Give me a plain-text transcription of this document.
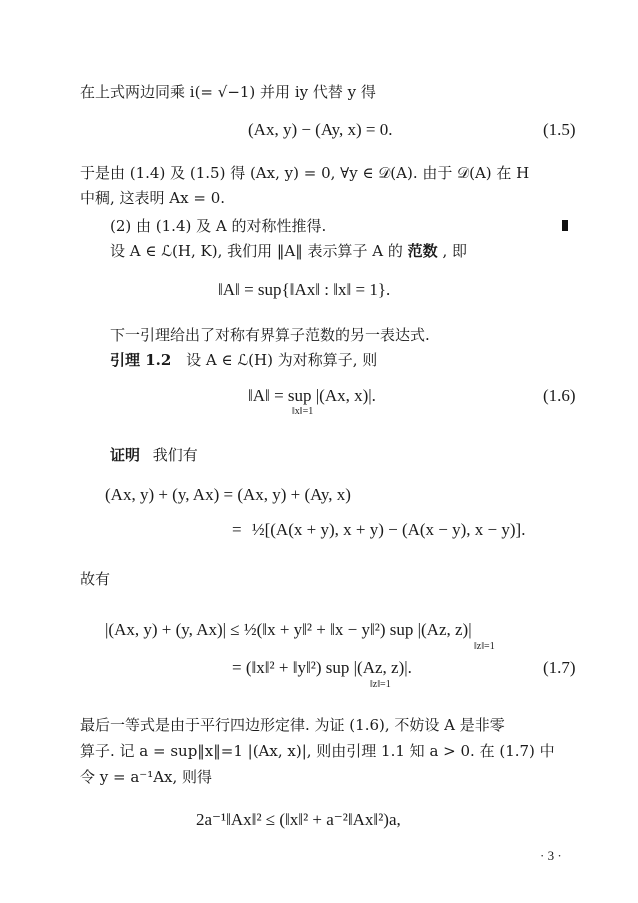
在上式两边同乘 i(= √−1) 并用 iy 代替 y 得
(Ax, y) − (Ay, x) = 0.	(1.5)
于是由 (1.4) 及 (1.5) 得 (Ax, y) = 0, ∀y ∈ 𝒟(A). 由于 𝒟(A) 在 H
中稠, 这表明 Ax = 0.
(2) 由 (1.4) 及 A 的对称性推得.
设 A ∈ ℒ(H, K), 我们用 ‖A‖ 表示算子 A 的 范数 , 即
‖A‖ = sup{‖Ax‖ : ‖x‖ = 1}.
下一引理给出了对称有界算子范数的另一表达式.
引理 1.2 设 A ∈ ℒ(H) 为对称算子, 则
‖A‖ = sup |(Ax, x)|.
‖x‖=1
(1.6)
证明 我们有
(Ax, y) + (y, Ax) = (Ax, y) + (Ay, x)
= ½[(A(x + y), x + y) − (A(x − y), x − y)].
故有
|(Ax, y) + (y, Ax)| ≤ ½(‖x + y‖² + ‖x − y‖²) sup |(Az, z)|
‖z‖=1
= (‖x‖² + ‖y‖²) sup |(Az, z)|.
‖z‖=1
(1.7)
最后一等式是由于平行四边形定律. 为证 (1.6), 不妨设 A 是非零
算子. 记 a = sup‖x‖=1 |(Ax, x)|, 则由引理 1.1 知 a > 0. 在 (1.7) 中
令 y = a⁻¹Ax, 则得
2a⁻¹‖Ax‖² ≤ (‖x‖² + a⁻²‖Ax‖²)a,
· 3 ·
